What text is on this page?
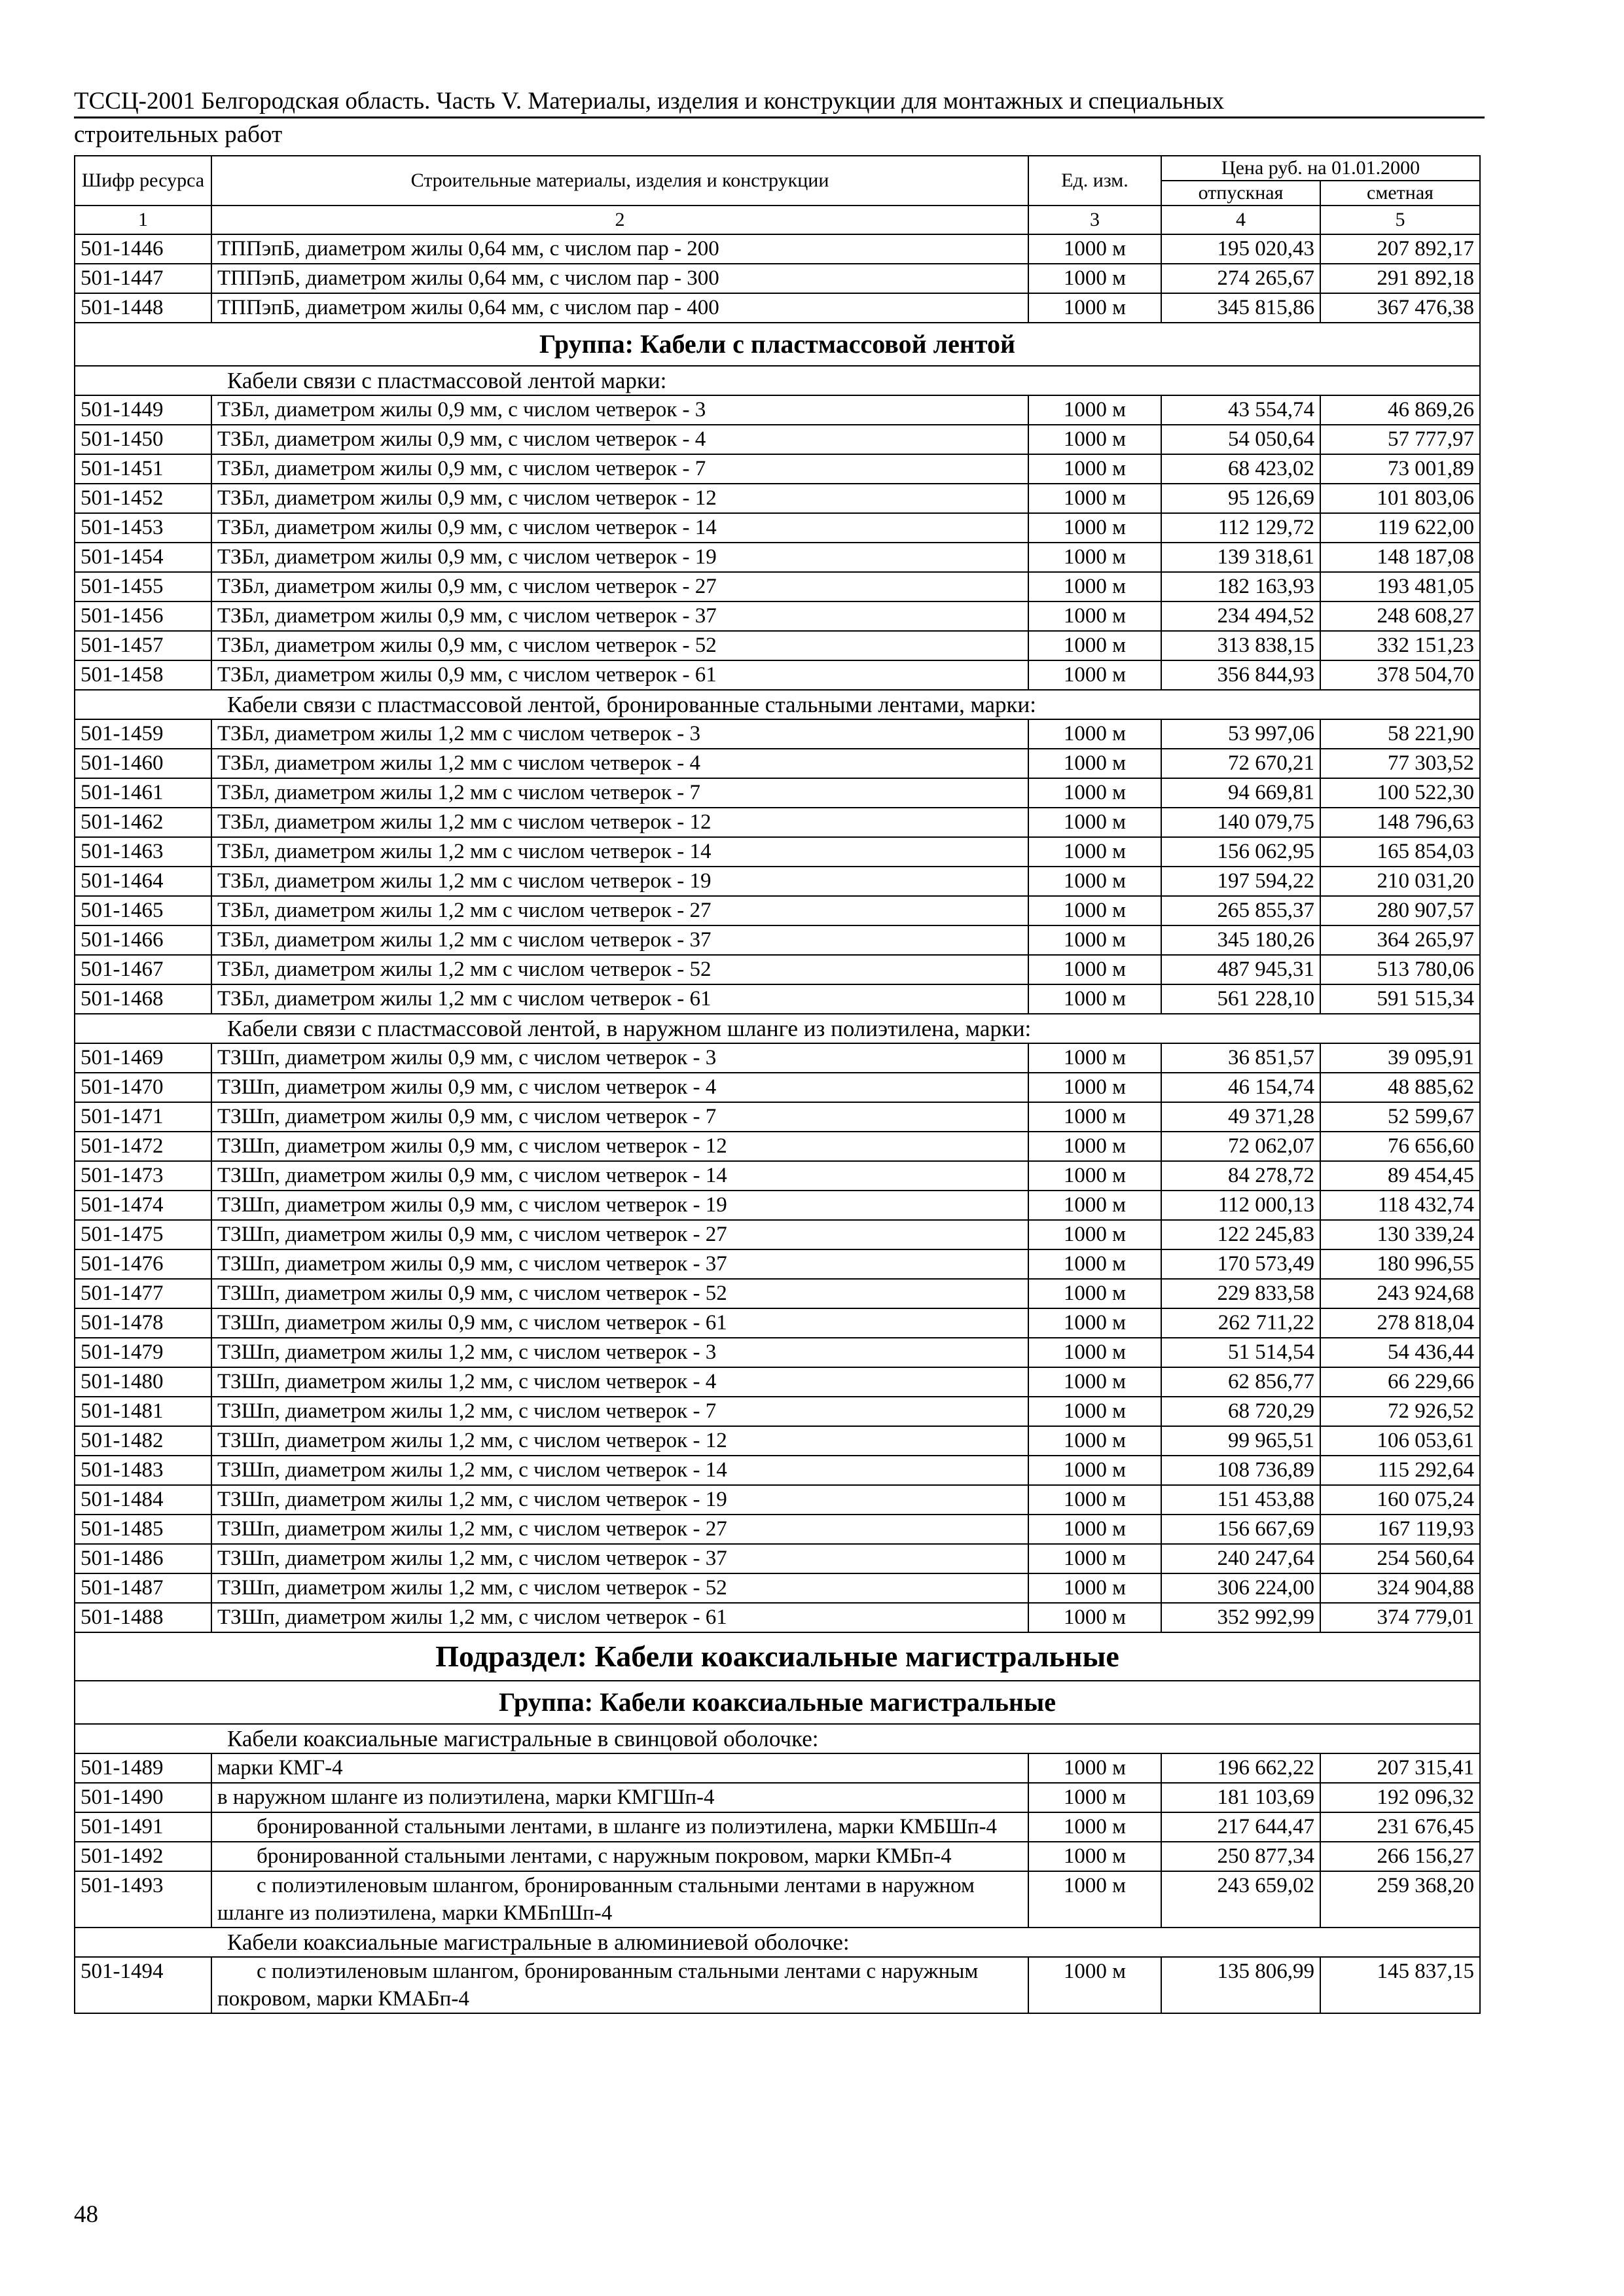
ТССЦ-2001 Белгородская область. Часть V. Материалы, изделия и конструкции для монтажных и специальных
строительных работ
Шифр ресурса	Строительные материалы, изделия и конструкции	Ед. изм.	Цена руб. на 01.01.2000	
			отпускная	сметная
1	2	3	4	5
501-1446	ТППэпБ, диаметром жилы 0,64 мм, с числом пар - 200	1000 м	195 020,43	207 892,17
501-1447	ТППэпБ, диаметром жилы 0,64 мм, с числом пар - 300	1000 м	274 265,67	291 892,18
501-1448	ТППэпБ, диаметром жилы 0,64 мм, с числом пар - 400	1000 м	345 815,86	367 476,38
Группа: Кабели с пластмассовой лентой				
Кабели связи с пластмассовой лентой марки:				
501-1449	ТЗБл, диаметром жилы 0,9 мм, с числом четверок - 3	1000 м	43 554,74	46 869,26
501-1450	ТЗБл, диаметром жилы 0,9 мм, с числом четверок - 4	1000 м	54 050,64	57 777,97
501-1451	ТЗБл, диаметром жилы 0,9 мм, с числом четверок - 7	1000 м	68 423,02	73 001,89
501-1452	ТЗБл, диаметром жилы 0,9 мм, с числом четверок - 12	1000 м	95 126,69	101 803,06
501-1453	ТЗБл, диаметром жилы 0,9 мм, с числом четверок - 14	1000 м	112 129,72	119 622,00
501-1454	ТЗБл, диаметром жилы 0,9 мм, с числом четверок - 19	1000 м	139 318,61	148 187,08
501-1455	ТЗБл, диаметром жилы 0,9 мм, с числом четверок - 27	1000 м	182 163,93	193 481,05
501-1456	ТЗБл, диаметром жилы 0,9 мм, с числом четверок - 37	1000 м	234 494,52	248 608,27
501-1457	ТЗБл, диаметром жилы 0,9 мм, с числом четверок - 52	1000 м	313 838,15	332 151,23
501-1458	ТЗБл, диаметром жилы 0,9 мм, с числом четверок - 61	1000 м	356 844,93	378 504,70
Кабели связи с пластмассовой лентой, бронированные стальными лентами, марки:				
501-1459	ТЗБл, диаметром жилы 1,2 мм с числом четверок - 3	1000 м	53 997,06	58 221,90
501-1460	ТЗБл, диаметром жилы 1,2 мм с числом четверок - 4	1000 м	72 670,21	77 303,52
501-1461	ТЗБл, диаметром жилы 1,2 мм с числом четверок - 7	1000 м	94 669,81	100 522,30
501-1462	ТЗБл, диаметром жилы 1,2 мм с числом четверок - 12	1000 м	140 079,75	148 796,63
501-1463	ТЗБл, диаметром жилы 1,2 мм с числом четверок - 14	1000 м	156 062,95	165 854,03
501-1464	ТЗБл, диаметром жилы 1,2 мм с числом четверок - 19	1000 м	197 594,22	210 031,20
501-1465	ТЗБл, диаметром жилы 1,2 мм с числом четверок - 27	1000 м	265 855,37	280 907,57
501-1466	ТЗБл, диаметром жилы 1,2 мм с числом четверок - 37	1000 м	345 180,26	364 265,97
501-1467	ТЗБл, диаметром жилы 1,2 мм с числом четверок - 52	1000 м	487 945,31	513 780,06
501-1468	ТЗБл, диаметром жилы 1,2 мм с числом четверок - 61	1000 м	561 228,10	591 515,34
Кабели связи с пластмассовой лентой, в наружном шланге из полиэтилена, марки:				
501-1469	ТЗШп, диаметром жилы 0,9 мм, с числом четверок - 3	1000 м	36 851,57	39 095,91
501-1470	ТЗШп, диаметром жилы 0,9 мм, с числом четверок - 4	1000 м	46 154,74	48 885,62
501-1471	ТЗШп, диаметром жилы 0,9 мм, с числом четверок - 7	1000 м	49 371,28	52 599,67
501-1472	ТЗШп, диаметром жилы 0,9 мм, с числом четверок - 12	1000 м	72 062,07	76 656,60
501-1473	ТЗШп, диаметром жилы 0,9 мм, с числом четверок - 14	1000 м	84 278,72	89 454,45
501-1474	ТЗШп, диаметром жилы 0,9 мм, с числом четверок - 19	1000 м	112 000,13	118 432,74
501-1475	ТЗШп, диаметром жилы 0,9 мм, с числом четверок - 27	1000 м	122 245,83	130 339,24
501-1476	ТЗШп, диаметром жилы 0,9 мм, с числом четверок - 37	1000 м	170 573,49	180 996,55
501-1477	ТЗШп, диаметром жилы 0,9 мм, с числом четверок - 52	1000 м	229 833,58	243 924,68
501-1478	ТЗШп, диаметром жилы 0,9 мм, с числом четверок - 61	1000 м	262 711,22	278 818,04
501-1479	ТЗШп, диаметром жилы 1,2 мм, с числом четверок - 3	1000 м	51 514,54	54 436,44
501-1480	ТЗШп, диаметром жилы 1,2 мм, с числом четверок - 4	1000 м	62 856,77	66 229,66
501-1481	ТЗШп, диаметром жилы 1,2 мм, с числом четверок - 7	1000 м	68 720,29	72 926,52
501-1482	ТЗШп, диаметром жилы 1,2 мм, с числом четверок - 12	1000 м	99 965,51	106 053,61
501-1483	ТЗШп, диаметром жилы 1,2 мм, с числом четверок - 14	1000 м	108 736,89	115 292,64
501-1484	ТЗШп, диаметром жилы 1,2 мм, с числом четверок - 19	1000 м	151 453,88	160 075,24
501-1485	ТЗШп, диаметром жилы 1,2 мм, с числом четверок - 27	1000 м	156 667,69	167 119,93
501-1486	ТЗШп, диаметром жилы 1,2 мм, с числом четверок - 37	1000 м	240 247,64	254 560,64
501-1487	ТЗШп, диаметром жилы 1,2 мм, с числом четверок - 52	1000 м	306 224,00	324 904,88
501-1488	ТЗШп, диаметром жилы 1,2 мм, с числом четверок - 61	1000 м	352 992,99	374 779,01
Подраздел: Кабели коаксиальные магистральные				
Группа: Кабели коаксиальные магистральные				
Кабели коаксиальные магистральные в свинцовой оболочке:				
501-1489	марки КМГ-4	1000 м	196 662,22	207 315,41
501-1490	в наружном шланге из полиэтилена, марки КМГШп-4	1000 м	181 103,69	192 096,32
501-1491	бронированной стальными лентами, в шланге из полиэтилена, марки КМБШп-4	1000 м	217 644,47	231 676,45
501-1492	бронированной стальными лентами, с наружным покровом, марки КМБп-4	1000 м	250 877,34	266 156,27
501-1493	с полиэтиленовым шлангом, бронированным стальными лентами в наружном шланге из полиэтилена, марки КМБпШп-4	1000 м	243 659,02	259 368,20
Кабели коаксиальные магистральные в алюминиевой оболочке:				
501-1494	с полиэтиленовым шлангом, бронированным стальными лентами с наружным покровом, марки КМАБп-4	1000 м	135 806,99	145 837,15
48
